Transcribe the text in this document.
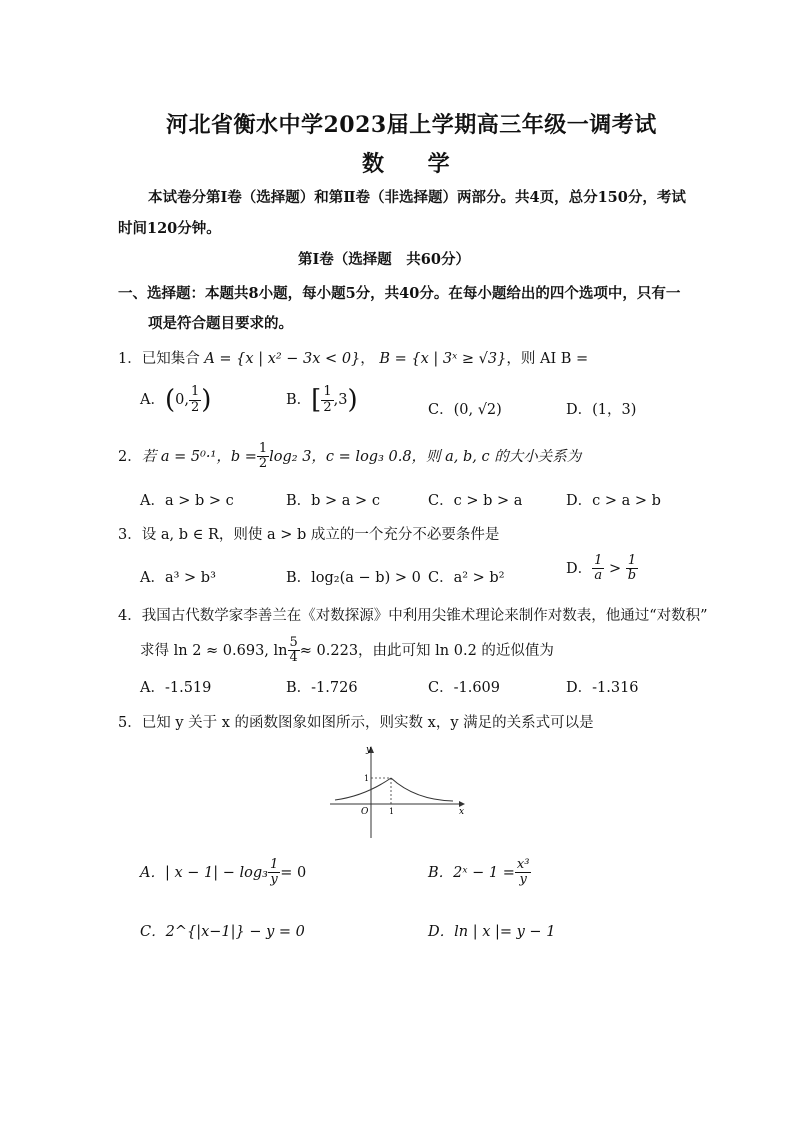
河北省衡水中学2023届上学期高三年级一调考试
数 学
本试卷分第Ⅰ卷（选择题）和第Ⅱ卷（非选择题）两部分。共4页，总分150分，考试
时间120分钟。
第Ⅰ卷（选择题　共60分）
一、选择题：本题共8小题，每小题5分，共40分。在每小题给出的四个选项中，只有一
项是符合题目要求的。
1．已知集合 A = {x | x² − 3x < 0}， B = {x | 3ˣ ≥ √3}，则 AI B =
A．(0, $\frac{1}{2}$ )	B．[ $\frac{1}{2} ,3$)	C．(0, √2)	D．(1，3)
2．若 a = 5⁰·¹，$b = \frac{1}{2} \log_2$ 3，c = log₃ 0.8，则 a, b, c 的大小关系为
A．a > b > c	B．b > a > c	C．c > b > a	D．c > a > b
3．设 a, b ∈ R，则使 a > b 成立的一个充分不必要条件是
A．a³ > b³	B．log₂(a − b) > 0 C．a² > b²
D． $\frac{1}{a} > \frac{1}{b}$
4．我国古代数学家李善兰在《对数探源》中利用尖锥术理论来制作对数表，他通过“对数积”
求得 ln 2 ≈ 0.693, $\ln \frac{5}{4} \approx 0.223$，由此可知 ln 0.2 的近似值为
A．-1.519	B．-1.726	C．-1.609	D．-1.316
5．已知 y 关于 x 的函数图象如图所示，则实数 x，y 满足的关系式可以是
y
x
O	1
1
A．| $x - 1| - \log_3 \frac{1}{y} = 0$	B．2ˣ − $1 = \frac{\text{x³}}{y}$
C．2^{|x−1|} − y = 0	D．ln | x |= y − 1
